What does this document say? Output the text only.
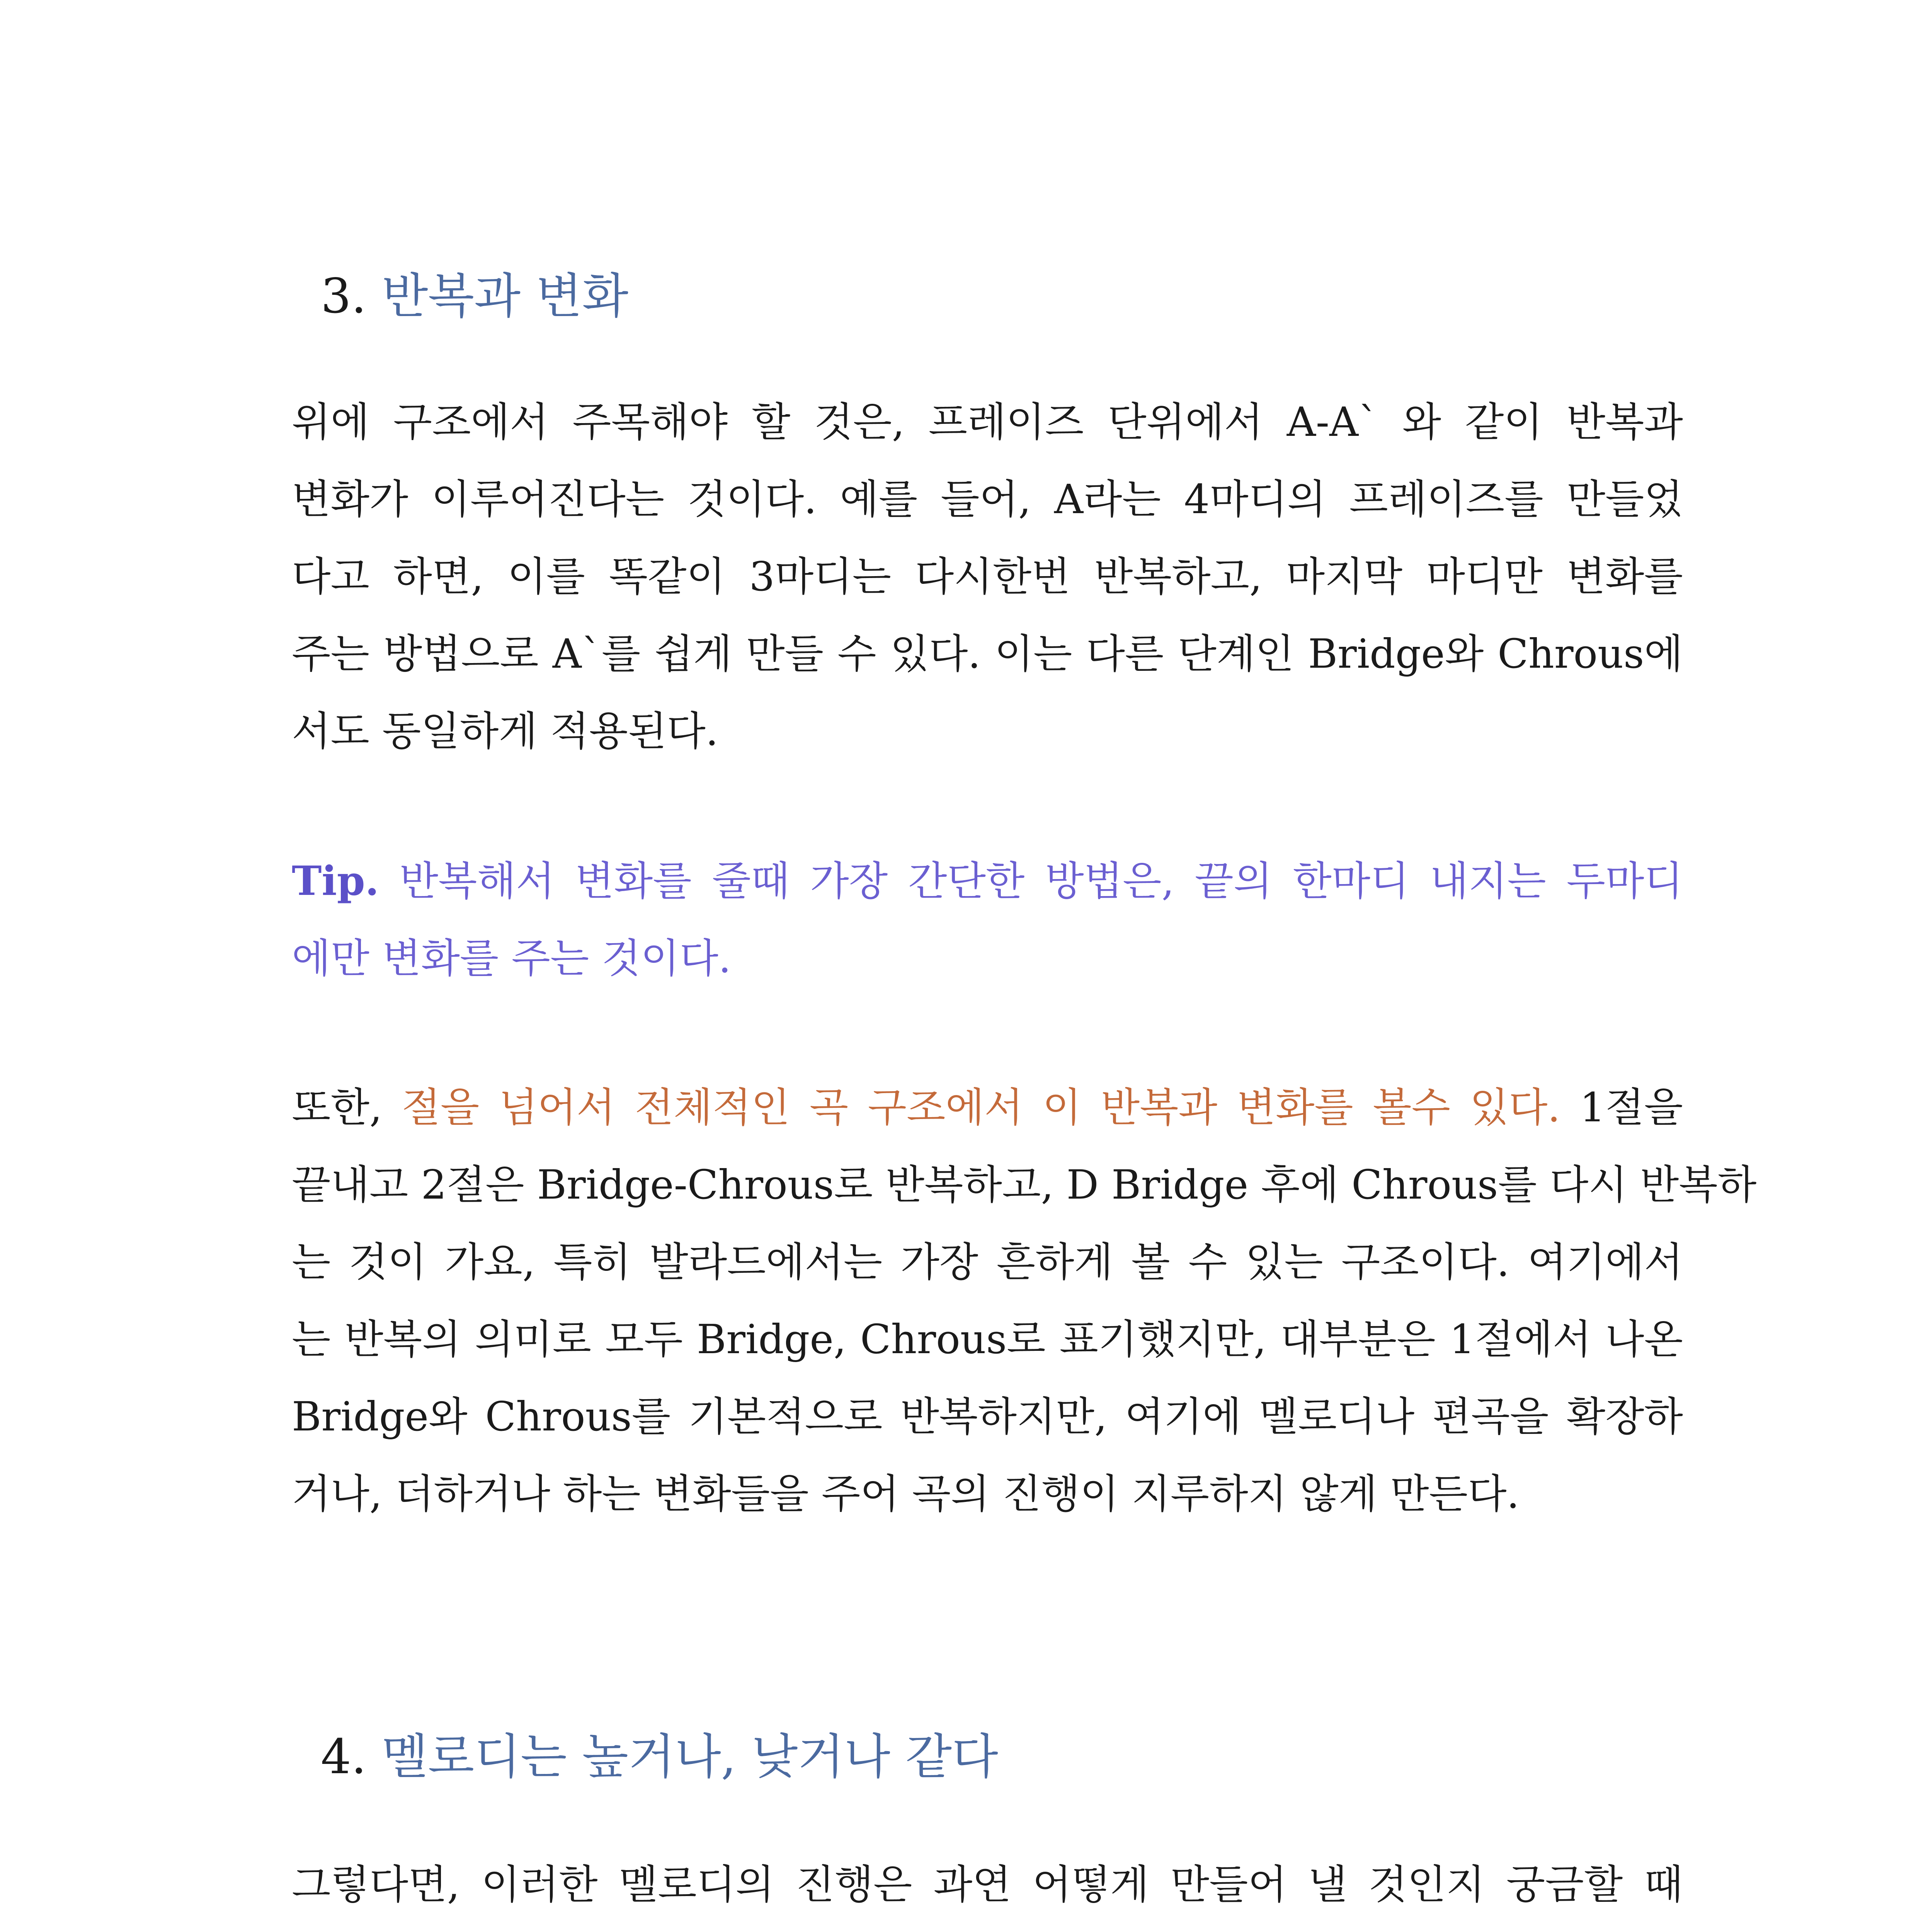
3. 반복과 변화

위에 구조에서 주목해야 할 것은, 프레이즈 단위에서 A-A` 와 같이 반복과
변화가 이루어진다는 것이다. 예를 들어, A라는 4마디의 프레이즈를 만들었
다고 하면, 이를 똑같이 3마디는 다시한번 반복하고, 마지막 마디만 변화를
주는 방법으로 A`를 쉽게 만들 수 있다. 이는 다른 단계인 Bridge와 Chrous에
서도 동일하게 적용된다.

Tip. 반복해서 변화를 줄때 가장 간단한 방법은, 끝의 한마디 내지는 두마디
에만 변화를 주는 것이다.

또한, 절을 넘어서 전체적인 곡 구조에서 이 반복과 변화를 볼수 있다. 1절을
끝내고 2절은 Bridge-Chrous로 반복하고, D Bridge 후에 Chrous를 다시 반복하
는 것이 가요, 특히 발라드에서는 가장 흔하게 볼 수 있는 구조이다. 여기에서
는 반복의 의미로 모두 Bridge, Chrous로 표기했지만, 대부분은 1절에서 나온
Bridge와 Chrous를 기본적으로 반복하지만, 여기에 멜로디나 편곡을 확장하
거나, 더하거나 하는 변화들을 주어 곡의 진행이 지루하지 않게 만든다.

4. 멜로디는 높거나, 낮거나 같다

그렇다면, 이러한 멜로디의 진행은 과연 어떻게 만들어 낼 것인지 궁금할 때
